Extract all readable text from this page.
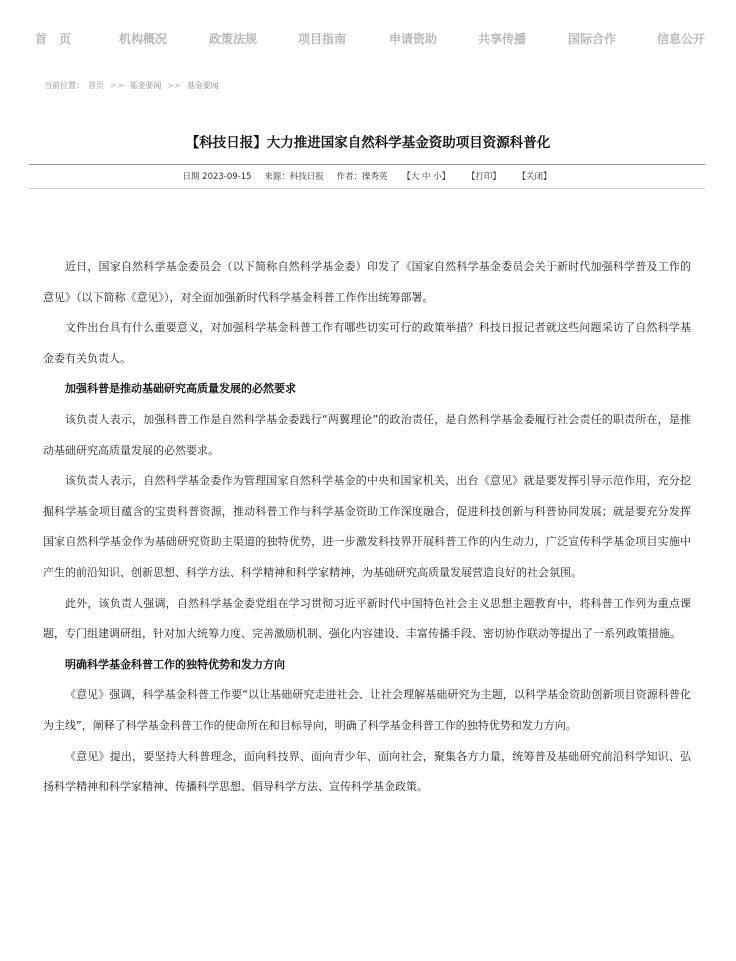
首　页	机构概况	政策法规	项目指南	申请资助	共享传播	国际合作	信息公开
当前位置： 首页 >> 基金要闻 >> 基金要闻
【科技日报】大力推进国家自然科学基金资助项目资源科普化
日期 2023-09-15 来源：科技日报 作者：操秀英 【大 中 小】 【打印】 【关闭】

近日，国家自然科学基金委员会（以下简称自然科学基金委）印发了《国家自然科学基金委员会关于新时代加强科学普及工作的意见》（以下简称《意见》），对全面加强新时代科学基金科普工作作出统筹部署。

文件出台具有什么重要意义，对加强科学基金科普工作有哪些切实可行的政策举措？科技日报记者就这些问题采访了自然科学基金委有关负责人。

加强科普是推动基础研究高质量发展的必然要求

该负责人表示，加强科普工作是自然科学基金委践行“两翼理论”的政治责任，是自然科学基金委履行社会责任的职责所在，是推动基础研究高质量发展的必然要求。

该负责人表示，自然科学基金委作为管理国家自然科学基金的中央和国家机关，出台《意见》就是要发挥引导示范作用，充分挖掘科学基金项目蕴含的宝贵科普资源，推动科普工作与科学基金资助工作深度融合，促进科技创新与科普协同发展；就是要充分发挥国家自然科学基金作为基础研究资助主渠道的独特优势，进一步激发科技界开展科普工作的内生动力，广泛宣传科学基金项目实施中产生的前沿知识、创新思想、科学方法、科学精神和科学家精神，为基础研究高质量发展营造良好的社会氛围。

此外，该负责人强调，自然科学基金委党组在学习贯彻习近平新时代中国特色社会主义思想主题教育中，将科普工作列为重点课题，专门组建调研组，针对加大统筹力度、完善激励机制、强化内容建设、丰富传播手段、密切协作联动等提出了一系列政策措施。

明确科学基金科普工作的独特优势和发力方向

《意见》强调，科学基金科普工作要“以让基础研究走进社会、让社会理解基础研究为主题，以科学基金资助创新项目资源科普化为主线”，阐释了科学基金科普工作的使命所在和目标导向，明确了科学基金科普工作的独特优势和发力方向。

《意见》提出，要坚持大科普理念，面向科技界、面向青少年、面向社会，聚集各方力量，统筹普及基础研究前沿科学知识、弘扬科学精神和科学家精神、传播科学思想、倡导科学方法、宣传科学基金政策。
